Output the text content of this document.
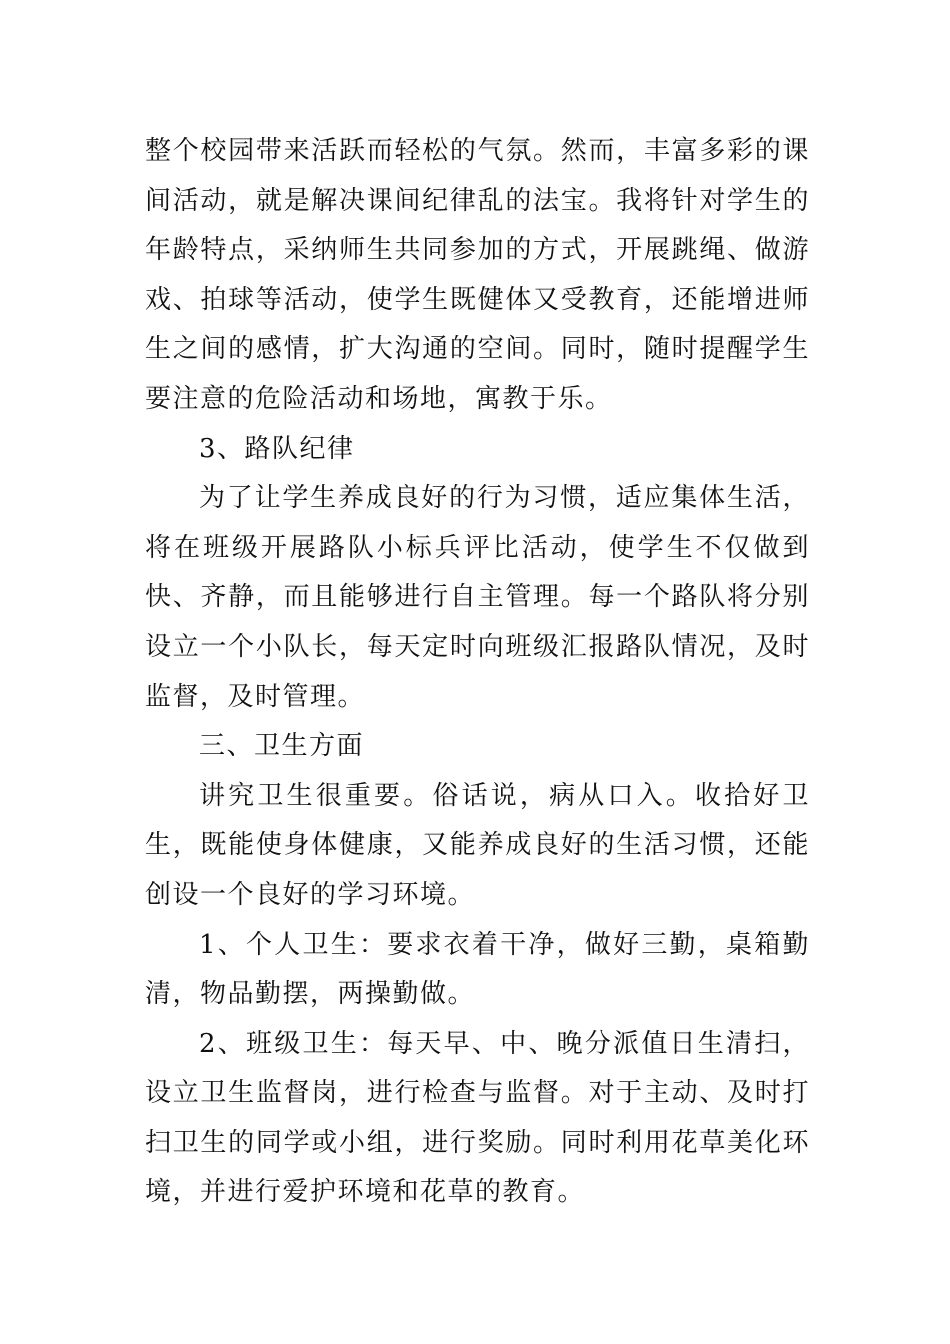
整个校园带来活跃而轻松的气氛。然而，丰富多彩的课间活动，就是解决课间纪律乱的法宝。我将针对学生的年龄特点，采纳师生共同参加的方式，开展跳绳、做游戏、拍球等活动，使学生既健体又受教育，还能增进师生之间的感情，扩大沟通的空间。同时，随时提醒学生要注意的危险活动和场地，寓教于乐。

3、路队纪律

为了让学生养成良好的行为习惯，适应集体生活，将在班级开展路队小标兵评比活动，使学生不仅做到快、齐静，而且能够进行自主管理。每一个路队将分别设立一个小队长，每天定时向班级汇报路队情况，及时监督，及时管理。

三、卫生方面

讲究卫生很重要。俗话说，病从口入。收拾好卫生，既能使身体健康，又能养成良好的生活习惯，还能创设一个良好的学习环境。

1、个人卫生：要求衣着干净，做好三勤，桌箱勤清，物品勤摆，两操勤做。

2、班级卫生：每天早、中、晚分派值日生清扫，设立卫生监督岗，进行检查与监督。对于主动、及时打扫卫生的同学或小组，进行奖励。同时利用花草美化环境，并进行爱护环境和花草的教育。
